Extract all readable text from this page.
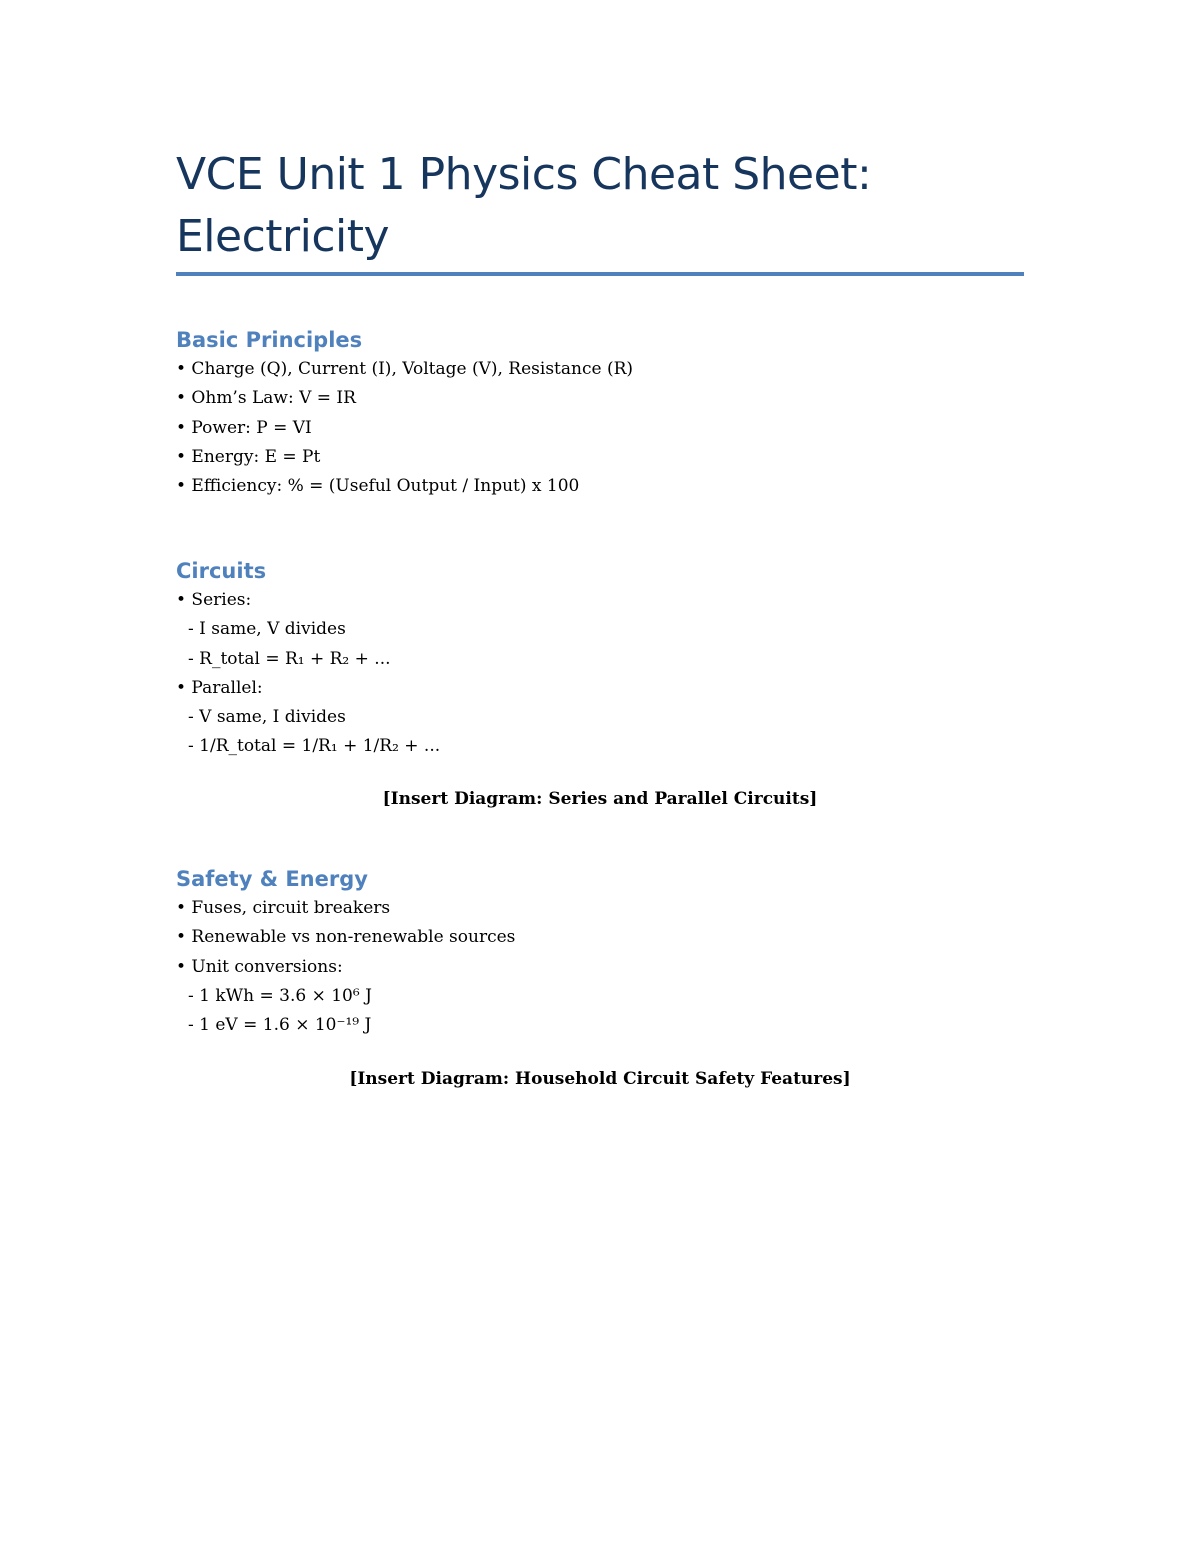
VCE Unit 1 Physics Cheat Sheet:
Electricity
Basic Principles
• Charge (Q), Current (I), Voltage (V), Resistance (R)
• Ohm’s Law: V = IR
• Power: P = VI
• Energy: E = Pt
• Efficiency: % = (Useful Output / Input) x 100
Circuits
• Series:
- I same, V divides
- R_total = R₁ + R₂ + ...
• Parallel:
- V same, I divides
- 1/R_total = 1/R₁ + 1/R₂ + ...
[Insert Diagram: Series and Parallel Circuits]
Safety & Energy
• Fuses, circuit breakers
• Renewable vs non-renewable sources
• Unit conversions:
- 1 kWh = 3.6 × 10⁶ J
- 1 eV = 1.6 × 10⁻¹⁹ J
[Insert Diagram: Household Circuit Safety Features]
